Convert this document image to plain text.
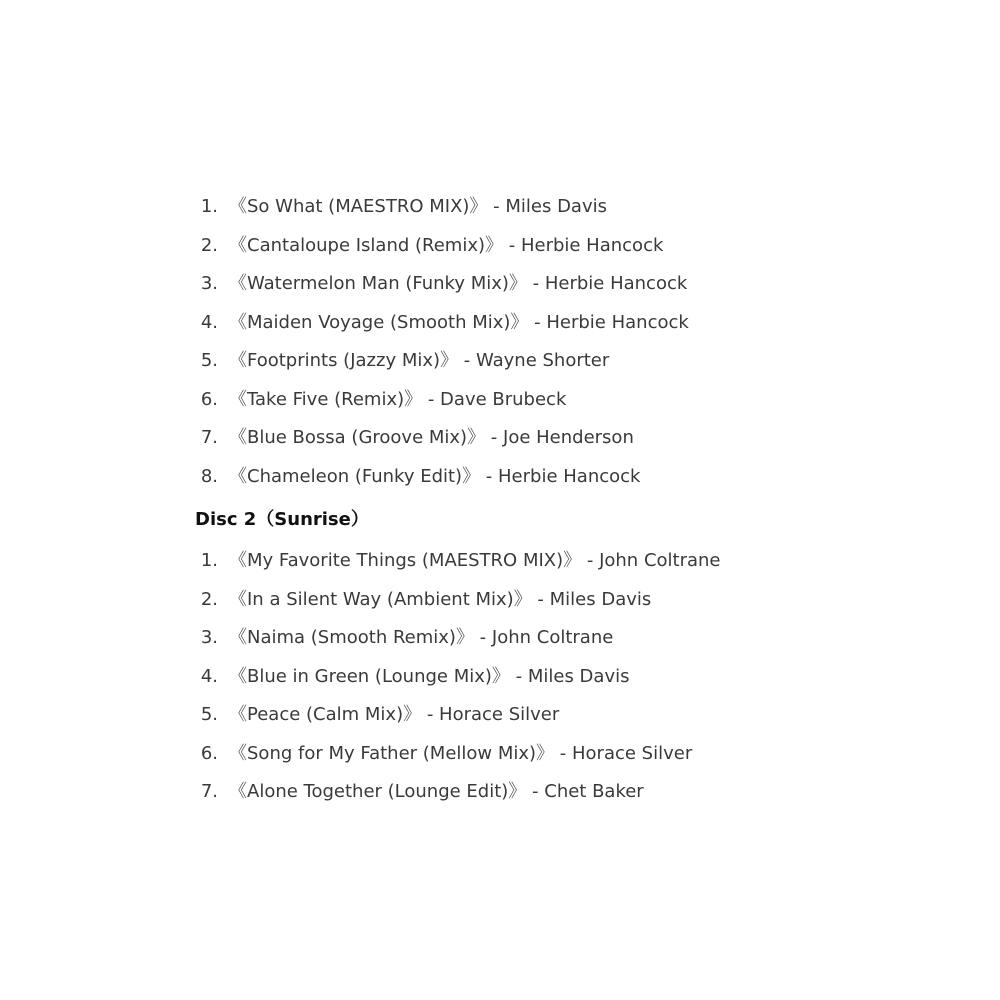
1. 《So What (MAESTRO MIX)》 - Miles Davis
2. 《Cantaloupe Island (Remix)》 - Herbie Hancock
3. 《Watermelon Man (Funky Mix)》 - Herbie Hancock
4. 《Maiden Voyage (Smooth Mix)》 - Herbie Hancock
5. 《Footprints (Jazzy Mix)》 - Wayne Shorter
6. 《Take Five (Remix)》 - Dave Brubeck
7. 《Blue Bossa (Groove Mix)》 - Joe Henderson
8. 《Chameleon (Funky Edit)》 - Herbie Hancock
Disc 2（Sunrise）
1. 《My Favorite Things (MAESTRO MIX)》 - John Coltrane
2. 《In a Silent Way (Ambient Mix)》 - Miles Davis
3. 《Naima (Smooth Remix)》 - John Coltrane
4. 《Blue in Green (Lounge Mix)》 - Miles Davis
5. 《Peace (Calm Mix)》 - Horace Silver
6. 《Song for My Father (Mellow Mix)》 - Horace Silver
7. 《Alone Together (Lounge Edit)》 - Chet Baker
